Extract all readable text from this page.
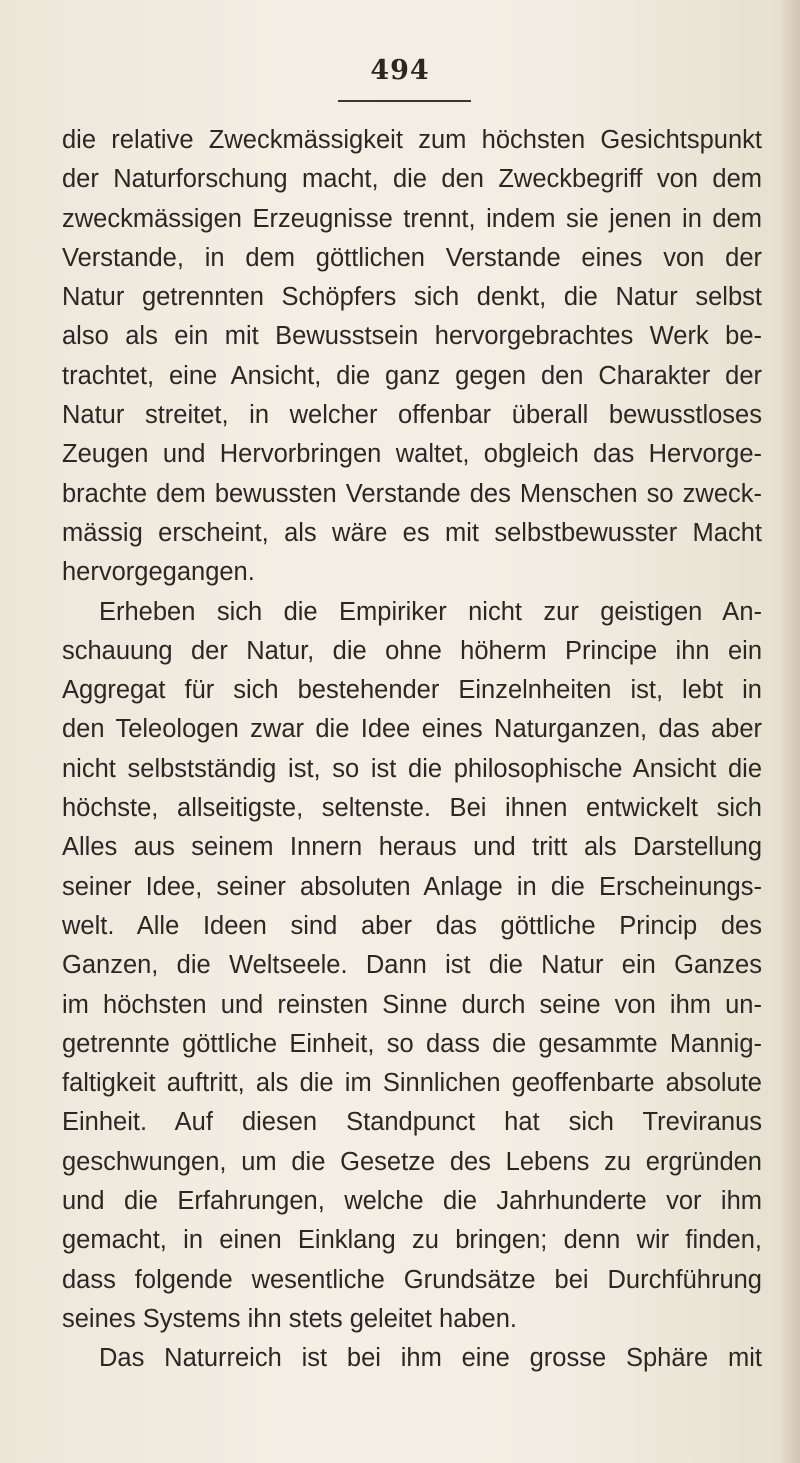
494
die relative Zweckmässigkeit zum höchsten Gesichtspunkt
der Naturforschung macht, die den Zweckbegriff von dem
zweckmässigen Erzeugnisse trennt, indem sie jenen in dem
Verstande, in dem göttlichen Verstande eines von der
Natur getrennten Schöpfers sich denkt, die Natur selbst
also als ein mit Bewusstsein hervorgebrachtes Werk be-
trachtet, eine Ansicht, die ganz gegen den Charakter der
Natur streitet, in welcher offenbar überall bewusstloses
Zeugen und Hervorbringen waltet, obgleich das Hervorge-
brachte dem bewussten Verstande des Menschen so zweck-
mässig erscheint, als wäre es mit selbstbewusster Macht
hervorgegangen.
Erheben sich die Empiriker nicht zur geistigen An-
schauung der Natur, die ohne höherm Principe ihn ein
Aggregat für sich bestehender Einzelnheiten ist, lebt in
den Teleologen zwar die Idee eines Naturganzen, das aber
nicht selbstständig ist, so ist die philosophische Ansicht die
höchste, allseitigste, seltenste. Bei ihnen entwickelt sich
Alles aus seinem Innern heraus und tritt als Darstellung
seiner Idee, seiner absoluten Anlage in die Erscheinungs-
welt. Alle Ideen sind aber das göttliche Princip des
Ganzen, die Weltseele. Dann ist die Natur ein Ganzes
im höchsten und reinsten Sinne durch seine von ihm un-
getrennte göttliche Einheit, so dass die gesammte Mannig-
faltigkeit auftritt, als die im Sinnlichen geoffenbarte absolute
Einheit. Auf diesen Standpunct hat sich Treviranus
geschwungen, um die Gesetze des Lebens zu ergründen
und die Erfahrungen, welche die Jahrhunderte vor ihm
gemacht, in einen Einklang zu bringen; denn wir finden,
dass folgende wesentliche Grundsätze bei Durchführung
seines Systems ihn stets geleitet haben.
Das Naturreich ist bei ihm eine grosse Sphäre mit
